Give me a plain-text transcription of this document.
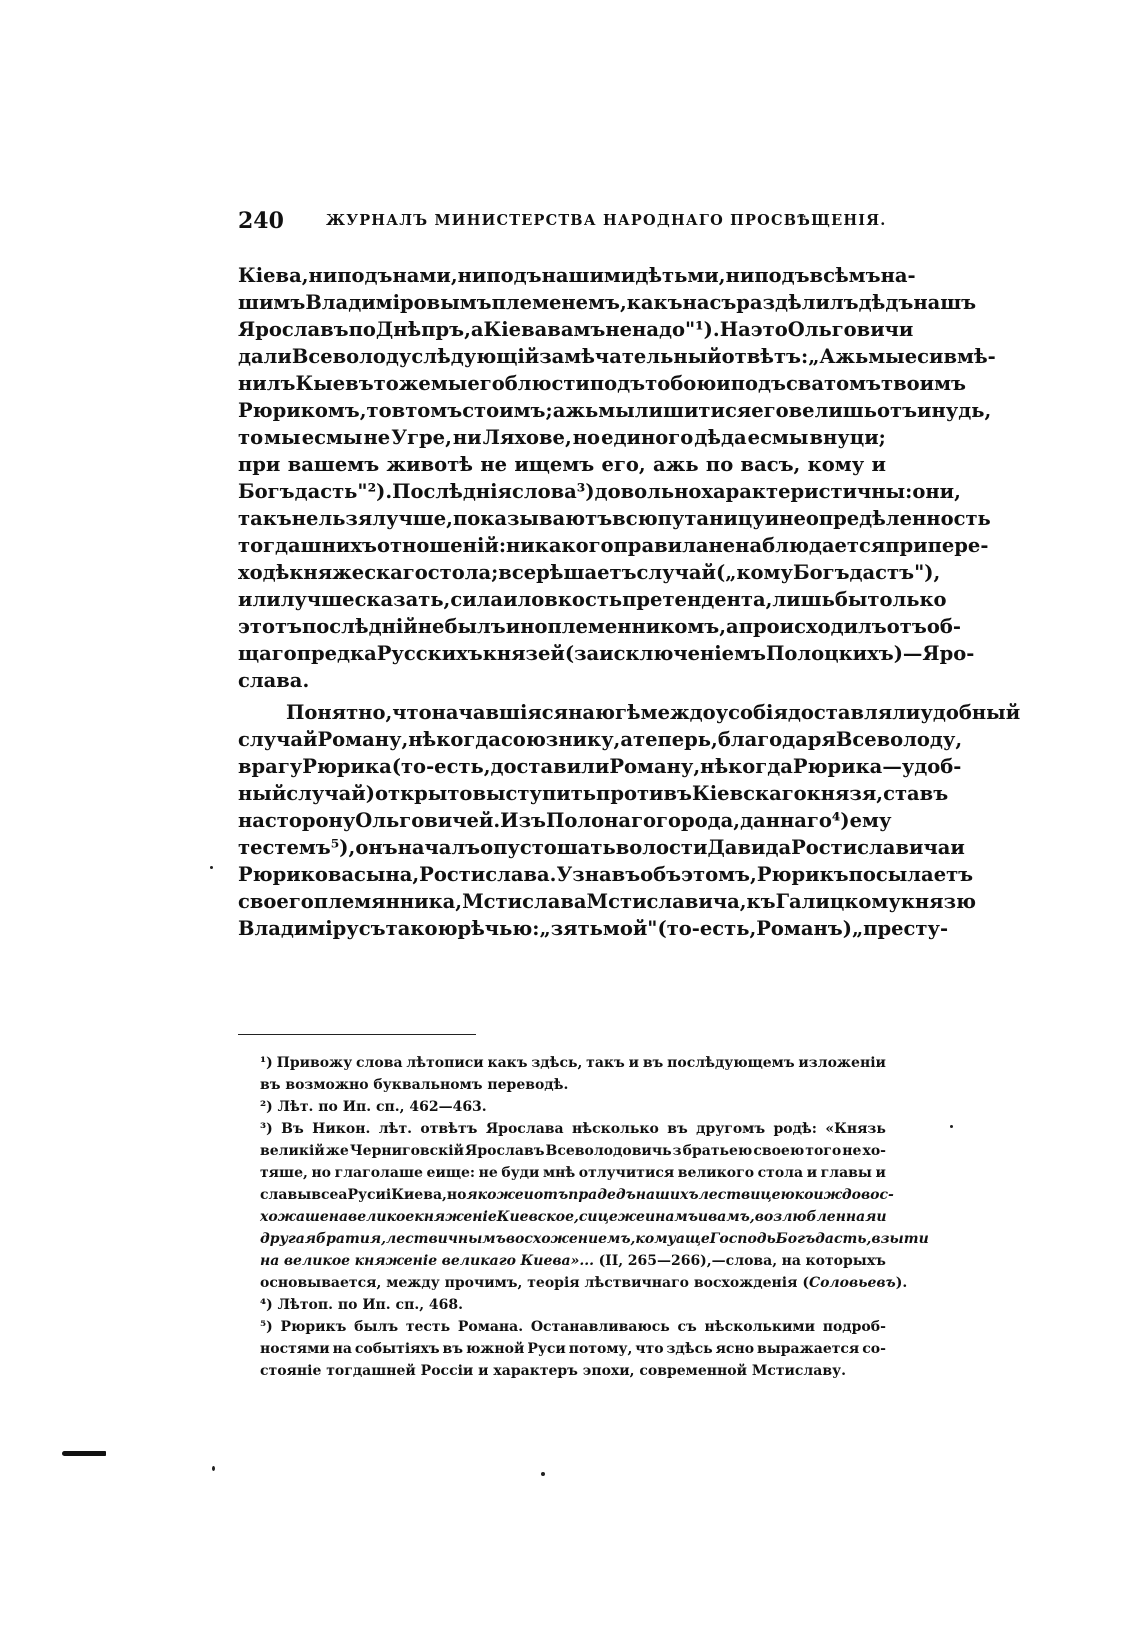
240	ЖУРНАЛЪ МИНИСТЕРСТВА НАРОДНАГО ПРОСВѢЩЕНІЯ.
Кіева, ни подъ нами, ни подъ нашими дѣтьми, ни подъ всѣмъ на-
шимъ Владиміровымъ племенемъ, какъ насъ раздѣлилъ дѣдъ нашъ
Ярославъ по Днѣпръ, а Кіева вамъ не надо" ¹). На это Ольговичи
дали Всеволоду слѣдующій замѣчательный отвѣтъ: „Ажь мы еси вмѣ-
нилъ Кыевъ тоже мы его блюсти подъ тобою и подъ сватомъ твоимъ
Рюрикомъ, то в томъ стоимъ; ажь мы лишитися его велишь отъинудь,
то мы есмы не Угре, ни Ляхове, но единого дѣда есмы внуци;
при вашемъ животѣ не ищемъ его, ажь по васъ, кому и
Богъ дасть" ²). Послѣднія слова ³) довольно характеристичны: они,
такъ нельзя лучше, показываютъ всю путаницу и неопредѣленность
тогдашнихъ отношеній: никакого правила не наблюдается при пере-
ходѣ княжескаго стола; все рѣшаетъ случай („кому Богъ дастъ"),
или лучше сказать, сила и ловкость претендента, лишь бы только
этотъ послѣдній не былъ иноплеменникомъ, а происходилъ отъ об-
щаго предка Русскихъ князей (за исключеніемъ Полоцкихъ)—Яро-
слава.
Понятно, что начавшіяся на югѣ междоусобія доставляли удобный
случай Роману, нѣкогда союзнику, а теперь, благодаря Всеволоду,
врагу Рюрика (то-есть, доставили Роману, нѣкогда Рюрика — удоб-
ный случай) открыто выступить противъ Кіевскаго князя, ставъ
на сторону Ольговичей. Изъ Полонаго города, даннаго ⁴) ему
тестемъ ⁵), онъ началъ опустошать волости Давида Ростиславича и
Рюрикова сына, Ростислава. Узнавъ объ этомъ, Рюрикъ посылаетъ
своего племянника, Мстислава Мстиславича, къ Галицкому князю
Владиміру съ такою рѣчью: „зять мой" (то-есть, Романъ) „престу-
¹) Привожу слова лѣтописи какъ здѣсь, такъ и въ послѣдующемъ изложеніи
въ возможно буквальномъ переводѣ.
²) Лѣт. по Ип. сп., 462—463.
³) Въ Никон. лѣт. отвѣтъ Ярослава нѣсколько въ другомъ родѣ: «Князь
великій же Черниговскій Ярославъ Всеволодовичь з братьею своею того не хо-
тяше, но глаголаше еище: не буди мнѣ отлучитися великого стола и главы и
славы всеа Русиі Киева, но якоже и отъ прадедъ нашихъ лествицею коиждо вос-
хожаше на великое княженіе Киевское, сице же и намъ и вамъ, возлюбленная и
другая братия, лествичнымъ восхожениемъ, кому аще Господь Богъ дасть, взыти
на великое княженіе великаго Киева»... (II, 265—266),—слова, на которыхъ
основывается, между прочимъ, теорія лѣствичнаго восхожденія ( Соловьевъ ).
⁴) Лѣтоп. по Ип. сп., 468.
⁵) Рюрикъ былъ тесть Романа. Останавливаюсь съ нѣсколькими подроб-
ностями на событіяхъ въ южной Руси потому, что здѣсь ясно выражается со-
стояніе тогдашней Россіи и характеръ эпохи, современной Мстиславу.
